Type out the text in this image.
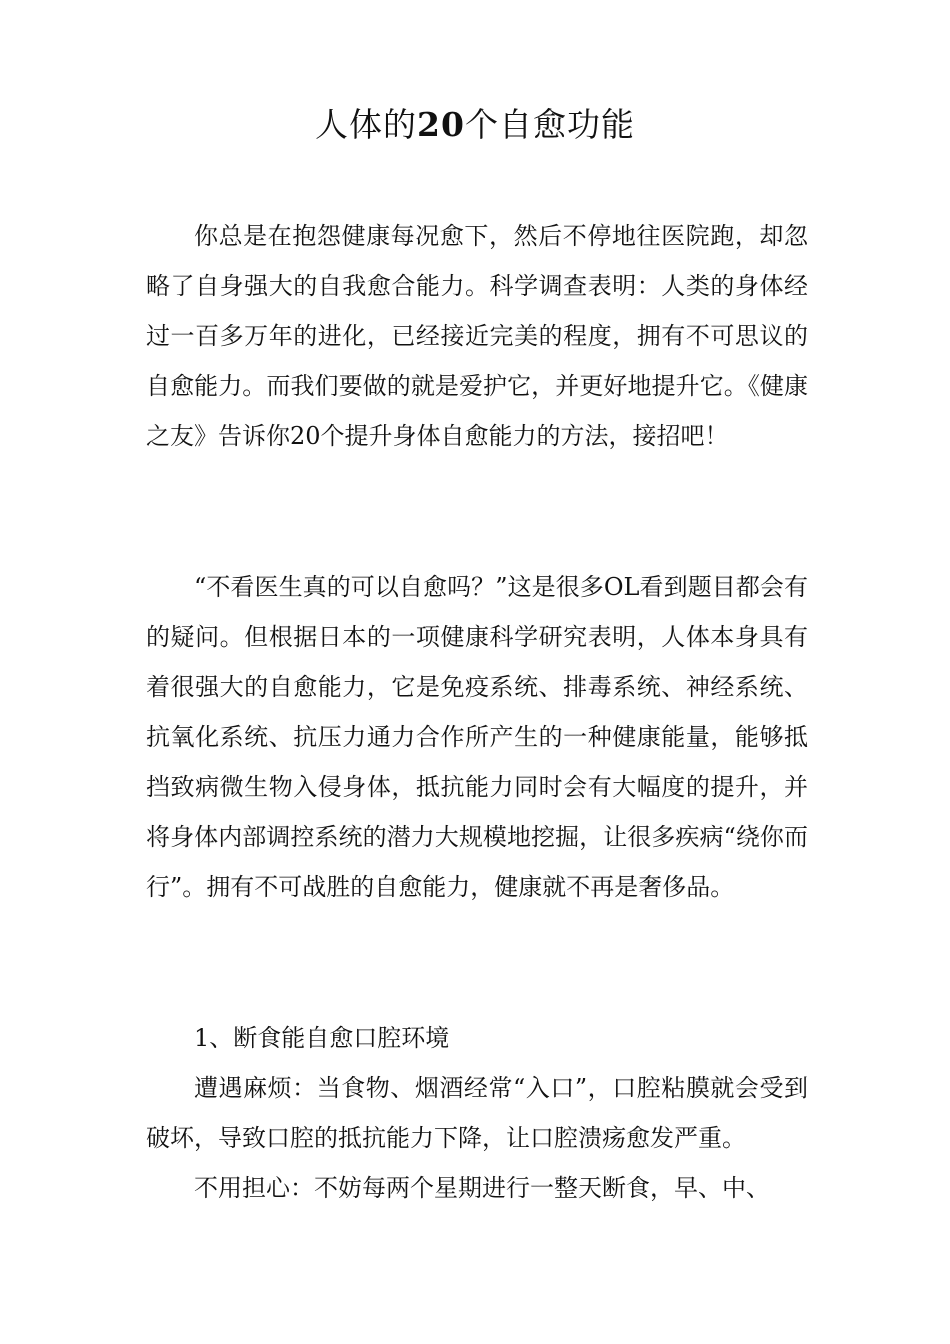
人体的20个自愈功能

你总是在抱怨健康每况愈下，然后不停地往医院跑，却忽略了自身强大的自我愈合能力。科学调查表明：人类的身体经过一百多万年的进化，已经接近完美的程度，拥有不可思议的自愈能力。而我们要做的就是爱护它，并更好地提升它。《健康之友》告诉你20个提升身体自愈能力的方法，接招吧！

“不看医生真的可以自愈吗？”这是很多OL看到题目都会有的疑问。但根据日本的一项健康科学研究表明，人体本身具有着很强大的自愈能力，它是免疫系统、排毒系统、神经系统、抗氧化系统、抗压力通力合作所产生的一种健康能量，能够抵挡致病微生物入侵身体，抵抗能力同时会有大幅度的提升，并将身体内部调控系统的潜力大规模地挖掘，让很多疾病“绕你而行”。拥有不可战胜的自愈能力，健康就不再是奢侈品。

1、断食能自愈口腔环境

遭遇麻烦：当食物、烟酒经常“入口”，口腔粘膜就会受到破坏，导致口腔的抵抗能力下降，让口腔溃疡愈发严重。

不用担心：不妨每两个星期进行一整天断食，早、中、
